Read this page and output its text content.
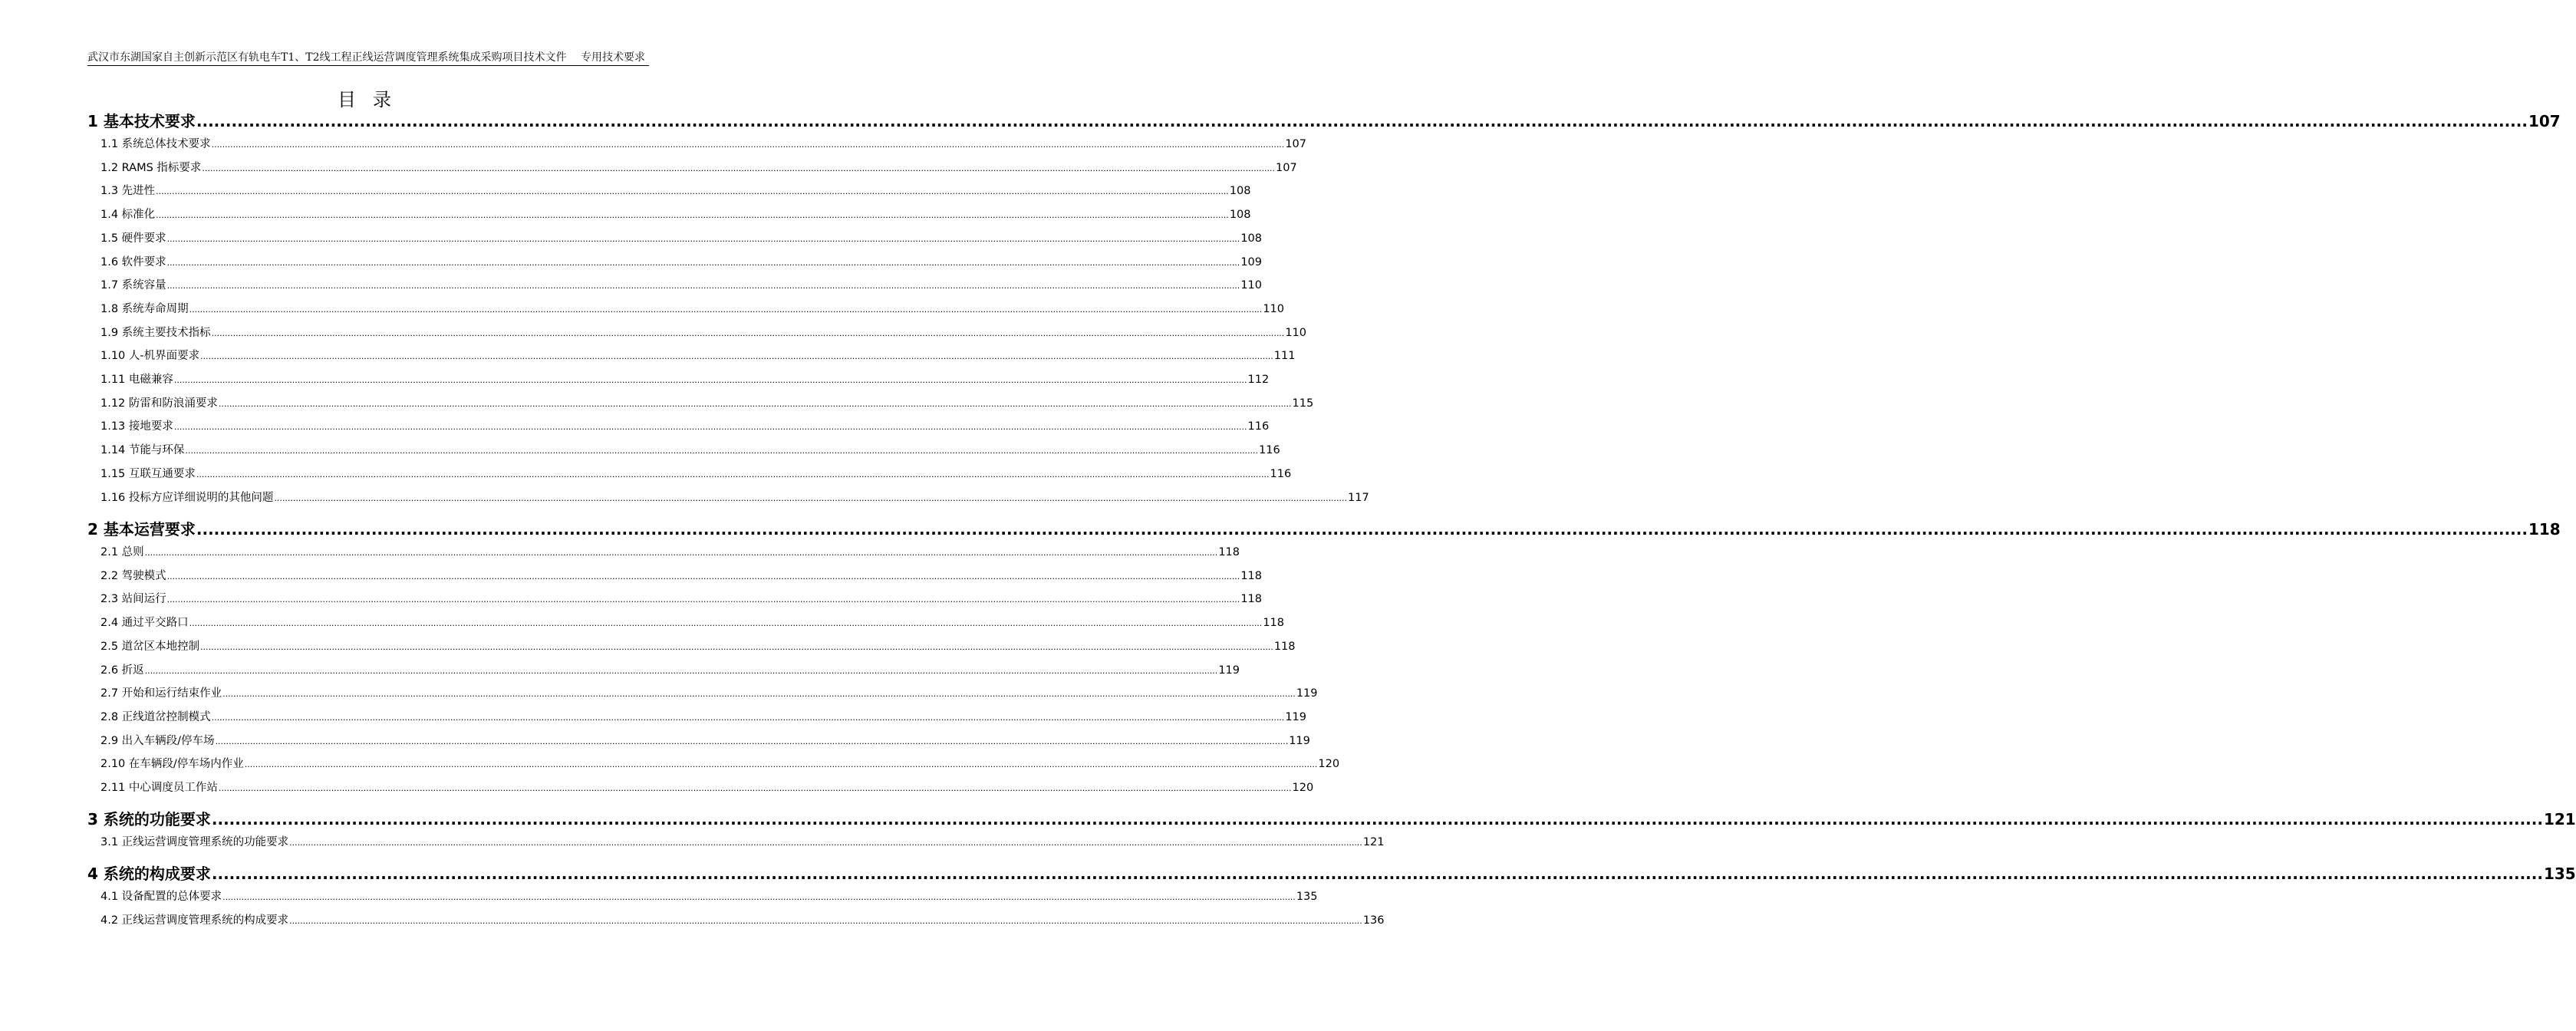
武汉市东湖国家自主创新示范区有轨电车T1、T2线工程正线运营调度管理系统集成采购项目技术文件　 专用技术要求
目录
1 基本技术要求 ................................................................................................................................................................................................................................................................................................................................................................................................................ 107
1.1 系统总体技术要求 ................................................................................................................................................................................................................................................................................................................................................................................................................ 107
1.2 RAMS 指标要求 ................................................................................................................................................................................................................................................................................................................................................................................................................ 107
1.3 先进性 ................................................................................................................................................................................................................................................................................................................................................................................................................ 108
1.4 标准化 ................................................................................................................................................................................................................................................................................................................................................................................................................ 108
1.5 硬件要求 ................................................................................................................................................................................................................................................................................................................................................................................................................ 108
1.6 软件要求 ................................................................................................................................................................................................................................................................................................................................................................................................................ 109
1.7 系统容量 ................................................................................................................................................................................................................................................................................................................................................................................................................ 110
1.8 系统寿命周期 ................................................................................................................................................................................................................................................................................................................................................................................................................ 110
1.9 系统主要技术指标 ................................................................................................................................................................................................................................................................................................................................................................................................................ 110
1.10 人-机界面要求 ................................................................................................................................................................................................................................................................................................................................................................................................................ 111
1.11 电磁兼容 ................................................................................................................................................................................................................................................................................................................................................................................................................ 112
1.12 防雷和防浪涌要求 ................................................................................................................................................................................................................................................................................................................................................................................................................ 115
1.13 接地要求 ................................................................................................................................................................................................................................................................................................................................................................................................................ 116
1.14 节能与环保 ................................................................................................................................................................................................................................................................................................................................................................................................................ 116
1.15 互联互通要求 ................................................................................................................................................................................................................................................................................................................................................................................................................ 116
1.16 投标方应详细说明的其他问题 ................................................................................................................................................................................................................................................................................................................................................................................................................ 117
2 基本运营要求 ................................................................................................................................................................................................................................................................................................................................................................................................................ 118
2.1 总则 ................................................................................................................................................................................................................................................................................................................................................................................................................ 118
2.2 驾驶模式 ................................................................................................................................................................................................................................................................................................................................................................................................................ 118
2.3 站间运行 ................................................................................................................................................................................................................................................................................................................................................................................................................ 118
2.4 通过平交路口 ................................................................................................................................................................................................................................................................................................................................................................................................................ 118
2.5 道岔区本地控制 ................................................................................................................................................................................................................................................................................................................................................................................................................ 118
2.6 折返 ................................................................................................................................................................................................................................................................................................................................................................................................................ 119
2.7 开始和运行结束作业 ................................................................................................................................................................................................................................................................................................................................................................................................................ 119
2.8 正线道岔控制模式 ................................................................................................................................................................................................................................................................................................................................................................................................................ 119
2.9 出入车辆段/停车场 ................................................................................................................................................................................................................................................................................................................................................................................................................ 119
2.10 在车辆段/停车场内作业 ................................................................................................................................................................................................................................................................................................................................................................................................................ 120
2.11 中心调度员工作站 ................................................................................................................................................................................................................................................................................................................................................................................................................ 120
3 系统的功能要求 ................................................................................................................................................................................................................................................................................................................................................................................................................ 121
3.1 正线运营调度管理系统的功能要求 ................................................................................................................................................................................................................................................................................................................................................................................................................ 121
4 系统的构成要求 ................................................................................................................................................................................................................................................................................................................................................................................................................ 135
4.1 设备配置的总体要求 ................................................................................................................................................................................................................................................................................................................................................................................................................ 135
4.2 正线运营调度管理系统的构成要求 ................................................................................................................................................................................................................................................................................................................................................................................................................ 136
